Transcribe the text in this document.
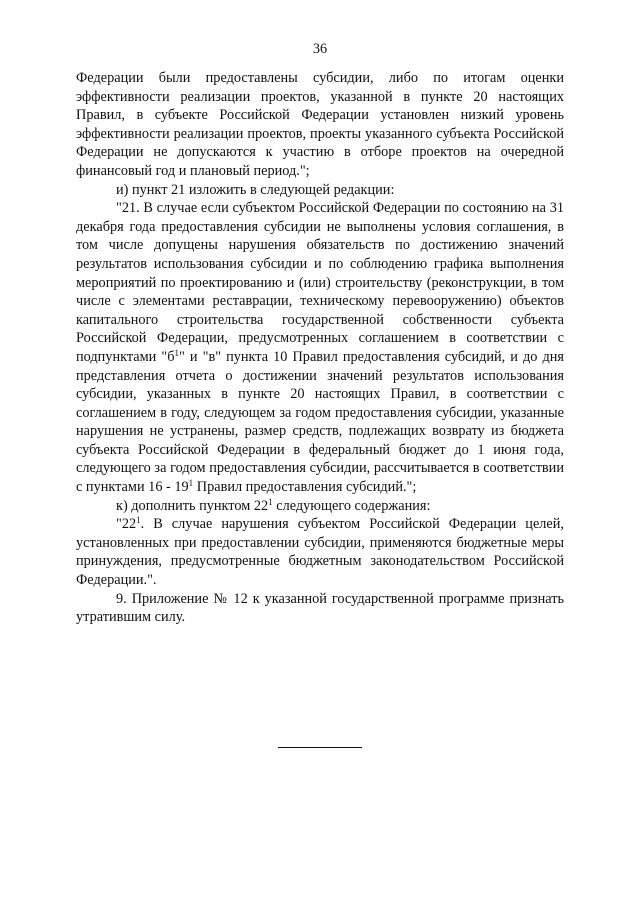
36

Федерации были предоставлены субсидии, либо по итогам оценки эффективности реализации проектов, указанной в пункте 20 настоящих Правил, в субъекте Российской Федерации установлен низкий уровень эффективности реализации проектов, проекты указанного субъекта Российской Федерации не допускаются к участию в отборе проектов на очередной финансовый год и плановый период.";

и) пункт 21 изложить в следующей редакции:

"21. В случае если субъектом Российской Федерации по состоянию на 31 декабря года предоставления субсидии не выполнены условия соглашения, в том числе допущены нарушения обязательств по достижению значений результатов использования субсидии и по соблюдению графика выполнения мероприятий по проектированию и (или) строительству (реконструкции, в том числе с элементами реставрации, техническому перевооружению) объектов капитального строительства государственной собственности субъекта Российской Федерации, предусмотренных соглашением в соответствии с подпунктами "$б^1$" и "в" пункта 10 Правил предоставления субсидий, и до дня представления отчета о достижении значений результатов использования субсидии, указанных в пункте 20 настоящих Правил, в соответствии с соглашением в году, следующем за годом предоставления субсидии, указанные нарушения не устранены, размер средств, подлежащих возврату из бюджета субъекта Российской Федерации в федеральный бюджет до 1 июня года, следующего за годом предоставления субсидии, рассчитывается в соответствии с пунктами $16 - 19^1$ Правил предоставления субсидий.";

к) дополнить пунктом $22^1$ следующего содержания:

"$22^1$. В случае нарушения субъектом Российской Федерации целей, установленных при предоставлении субсидии, применяются бюджетные меры принуждения, предусмотренные бюджетным законодательством Российской Федерации.".

9. Приложение № 12 к указанной государственной программе признать утратившим силу.
